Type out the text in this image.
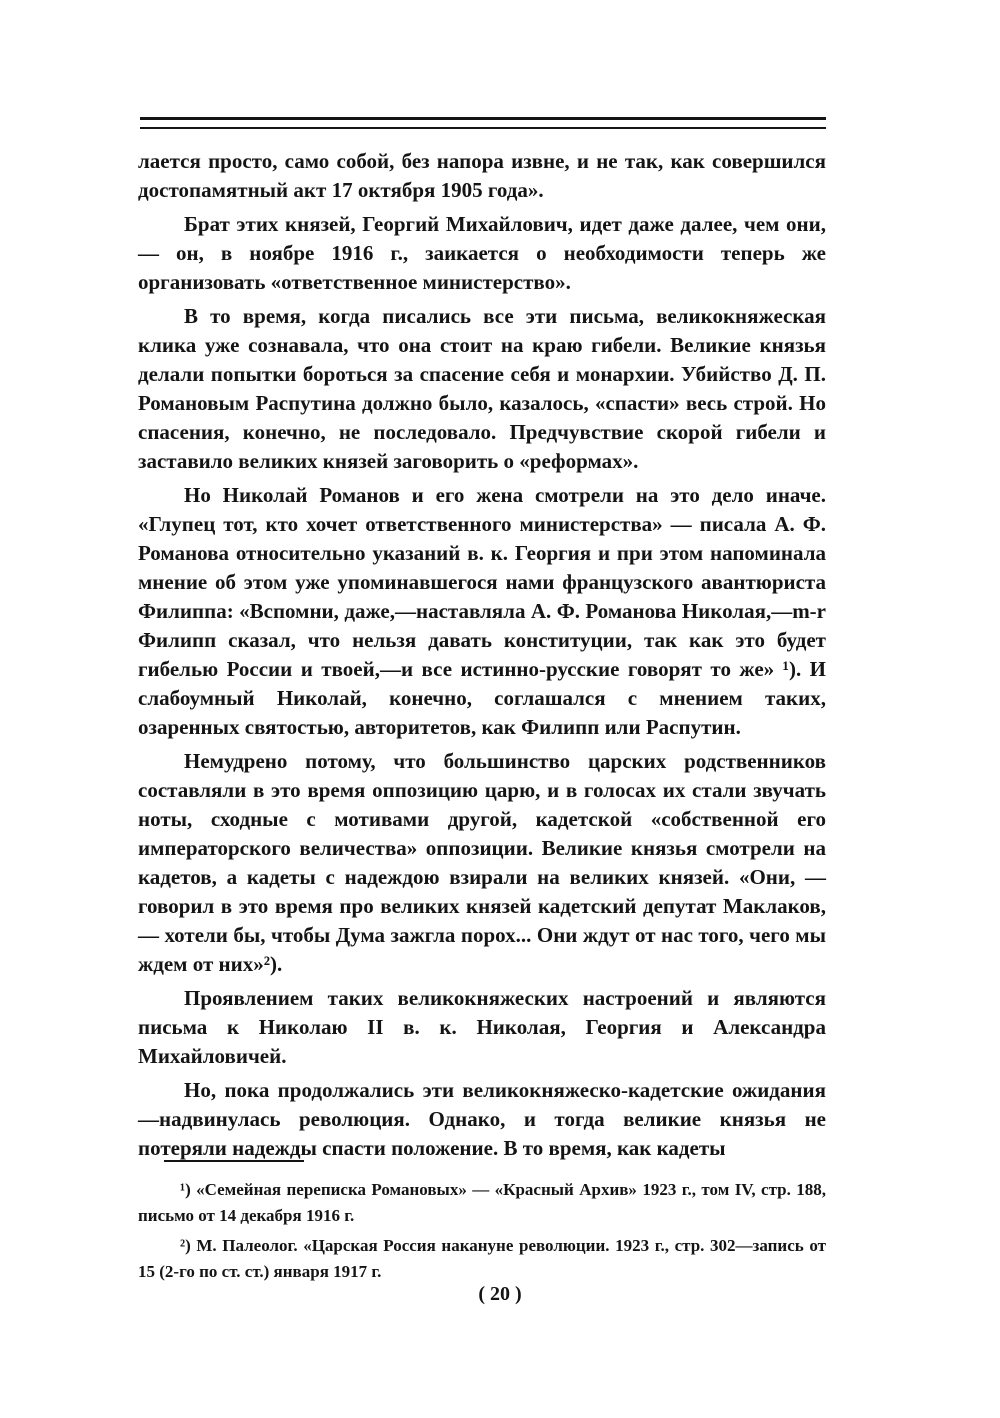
лается просто, само собой, без напора извне, и не так, как совершился достопамятный акт 17 октября 1905 года».

Брат этих князей, Георгий Михайлович, идет даже далее, чем они, — он, в ноябре 1916 г., заикается о необходимости теперь же организовать «ответственное министерство».

В то время, когда писались все эти письма, великокняжеская клика уже сознавала, что она стоит на краю гибели. Великие князья делали попытки бороться за спасение себя и монархии. Убийство Д. П. Романовым Распутина должно было, казалось, «спасти» весь строй. Но спасения, конечно, не последовало. Предчувствие скорой гибели и заставило великих князей заговорить о «реформах».

Но Николай Романов и его жена смотрели на это дело иначе. «Глупец тот, кто хочет ответственного министерства» — писала А. Ф. Романова относительно указаний в. к. Георгия и при этом напоминала мнение об этом уже упоминавшегося нами французского авантюриста Филиппа: «Вспомни, даже,—наставляла А. Ф. Романова Николая,—m-r Филипп сказал, что нельзя давать конституции, так как это будет гибелью России и твоей,—и все истинно-русские говорят то же» ¹). И слабоумный Николай, конечно, соглашался с мнением таких, озаренных святостью, авторитетов, как Филипп или Распутин.

Немудрено потому, что большинство царских родственников составляли в это время оппозицию царю, и в голосах их стали звучать ноты, сходные с мотивами другой, кадетской «собственной его императорского величества» оппозиции. Великие князья смотрели на кадетов, а кадеты с надеждою взирали на великих князей. «Они, — говорил в это время про великих князей кадетский депутат Маклаков, — хотели бы, чтобы Дума зажгла порох... Они ждут от нас того, чего мы ждем от них»²).

Проявлением таких великокняжеских настроений и являются письма к Николаю II в. к. Николая, Георгия и Александра Михайловичей.

Но, пока продолжались эти великокняжеско-кадетские ожидания—надвинулась революция. Однако, и тогда великие князья не потеряли надежды спасти положение. В то время, как кадеты

¹) «Семейная переписка Романовых» — «Красный Архив» 1923 г., том IV, стр. 188, письмо от 14 декабря 1916 г.

²) М. Палеолог. «Царская Россия накануне революции. 1923 г., стр. 302—запись от 15 (2-го по ст. ст.) января 1917 г.

( 20 )
